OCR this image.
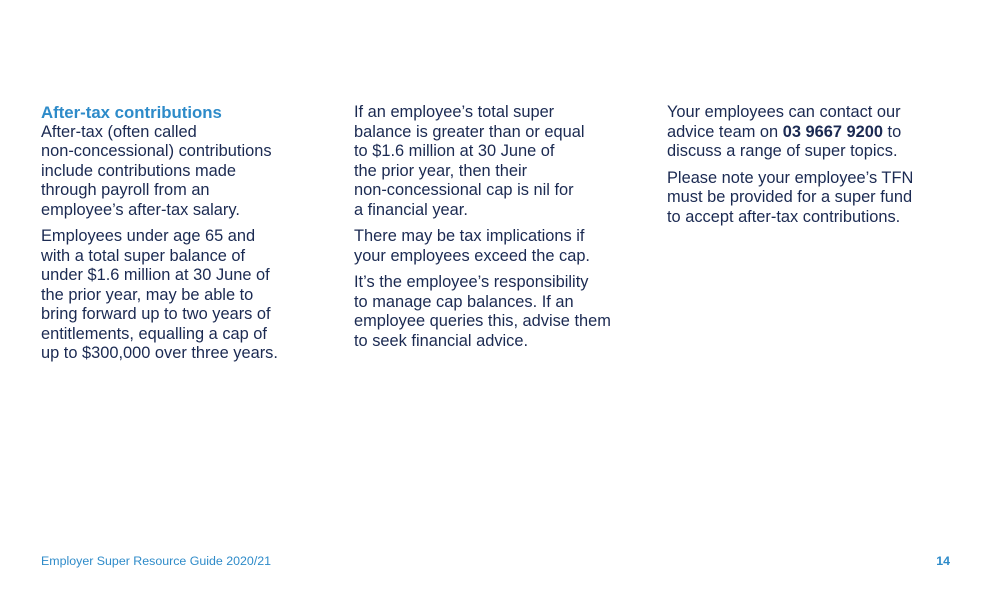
After-tax contributions

After-tax (often called
non-concessional) contributions
include contributions made
through payroll from an
employee’s after-tax salary.

Employees under age 65 and
with a total super balance of
under $1.6 million at 30 June of
the prior year, may be able to
bring forward up to two years of
entitlements, equalling a cap of
up to $300,000 over three years.

If an employee’s total super
balance is greater than or equal
to $1.6 million at 30 June of
the prior year, then their
non-concessional cap is nil for
a financial year.

There may be tax implications if
your employees exceed the cap.

It’s the employee’s responsibility
to manage cap balances. If an
employee queries this, advise them
to seek financial advice.

Your employees can contact our
advice team on 03 9667 9200 to
discuss a range of super topics.

Please note your employee’s TFN
must be provided for a super fund
to accept after-tax contributions.

Employer Super Resource Guide 2020/21	14
